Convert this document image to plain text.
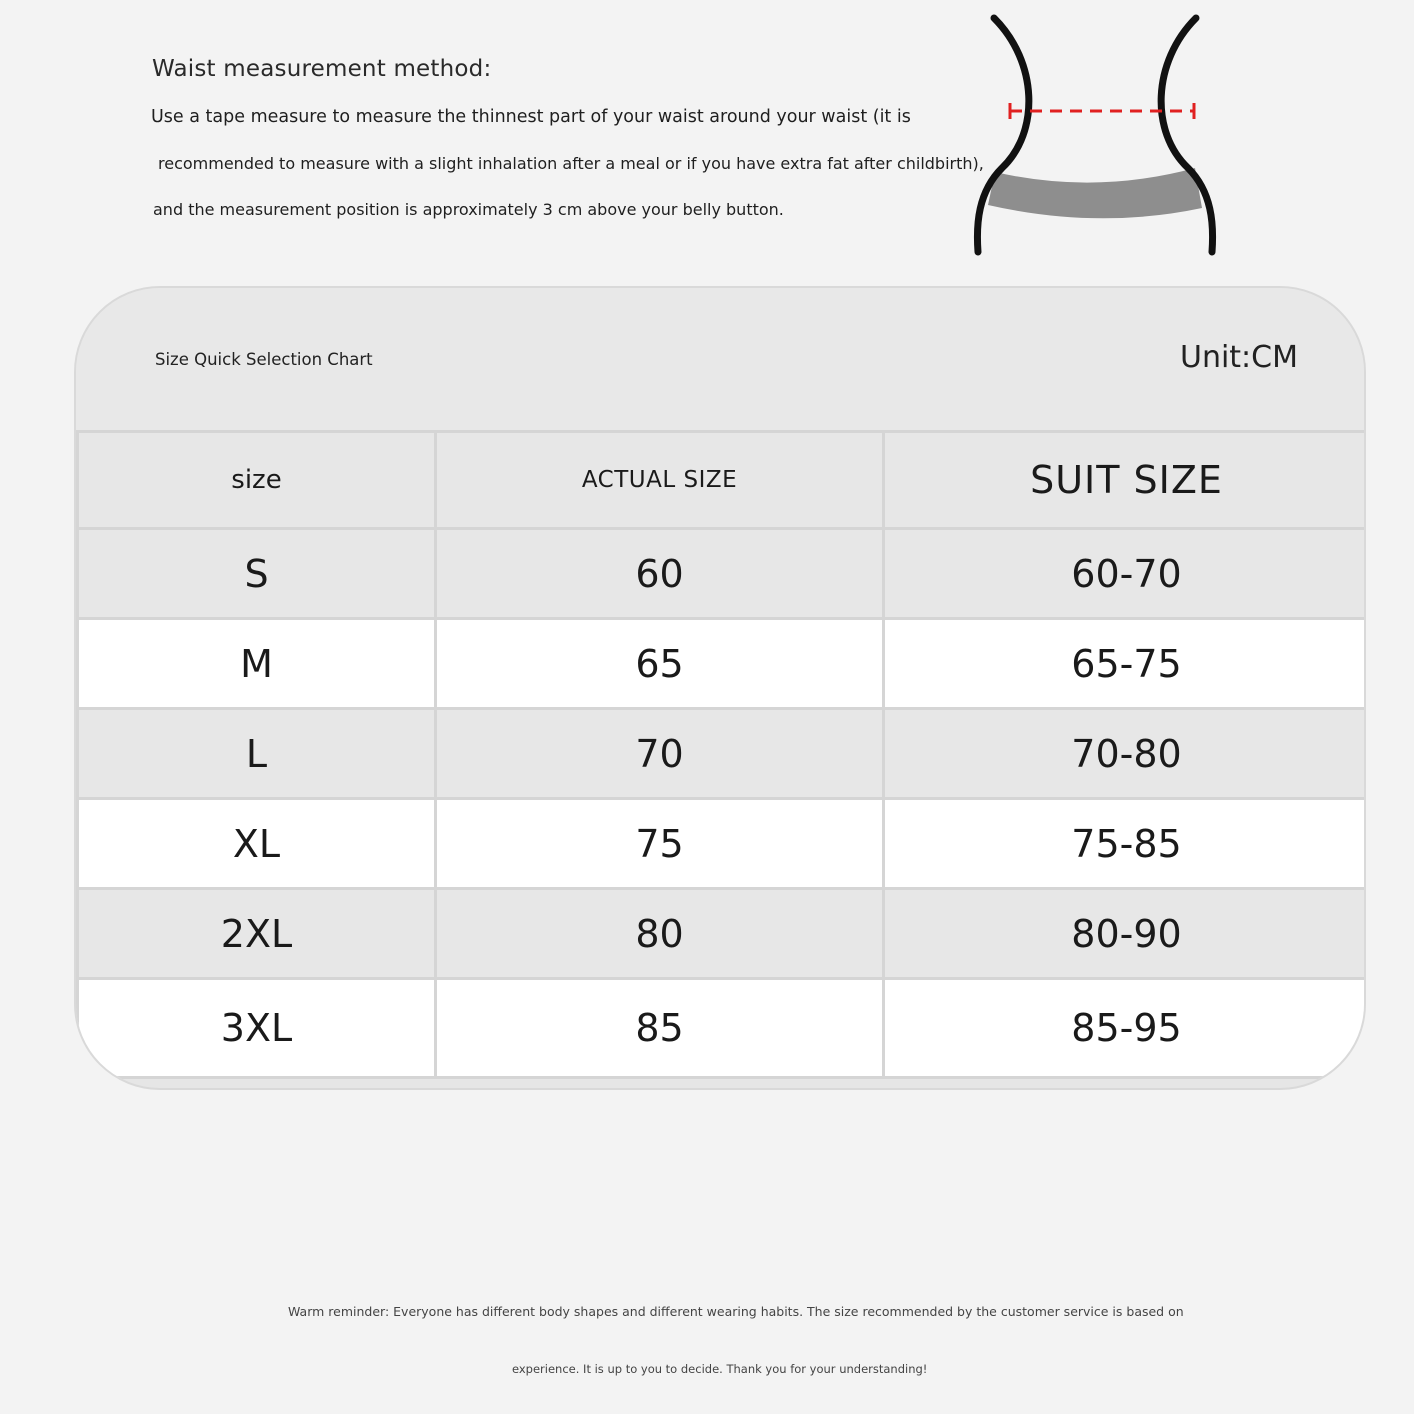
Waist measurement method:
Use a tape measure to measure the thinnest part of your waist around your waist (it is
recommended to measure with a slight inhalation after a meal or if you have extra fat after childbirth),
and the measurement position is approximately 3 cm above your belly button.
Size Quick Selection Chart	Unit:CM
size	ACTUAL SIZE	SUIT SIZE
S	60	60-70
M	65	65-75
L	70	70-80
XL	75	75-85
2XL	80	80-90
3XL	85	85-95
Warm reminder: Everyone has different body shapes and different wearing habits. The size recommended by the customer service is based on
experience. It is up to you to decide. Thank you for your understanding!
